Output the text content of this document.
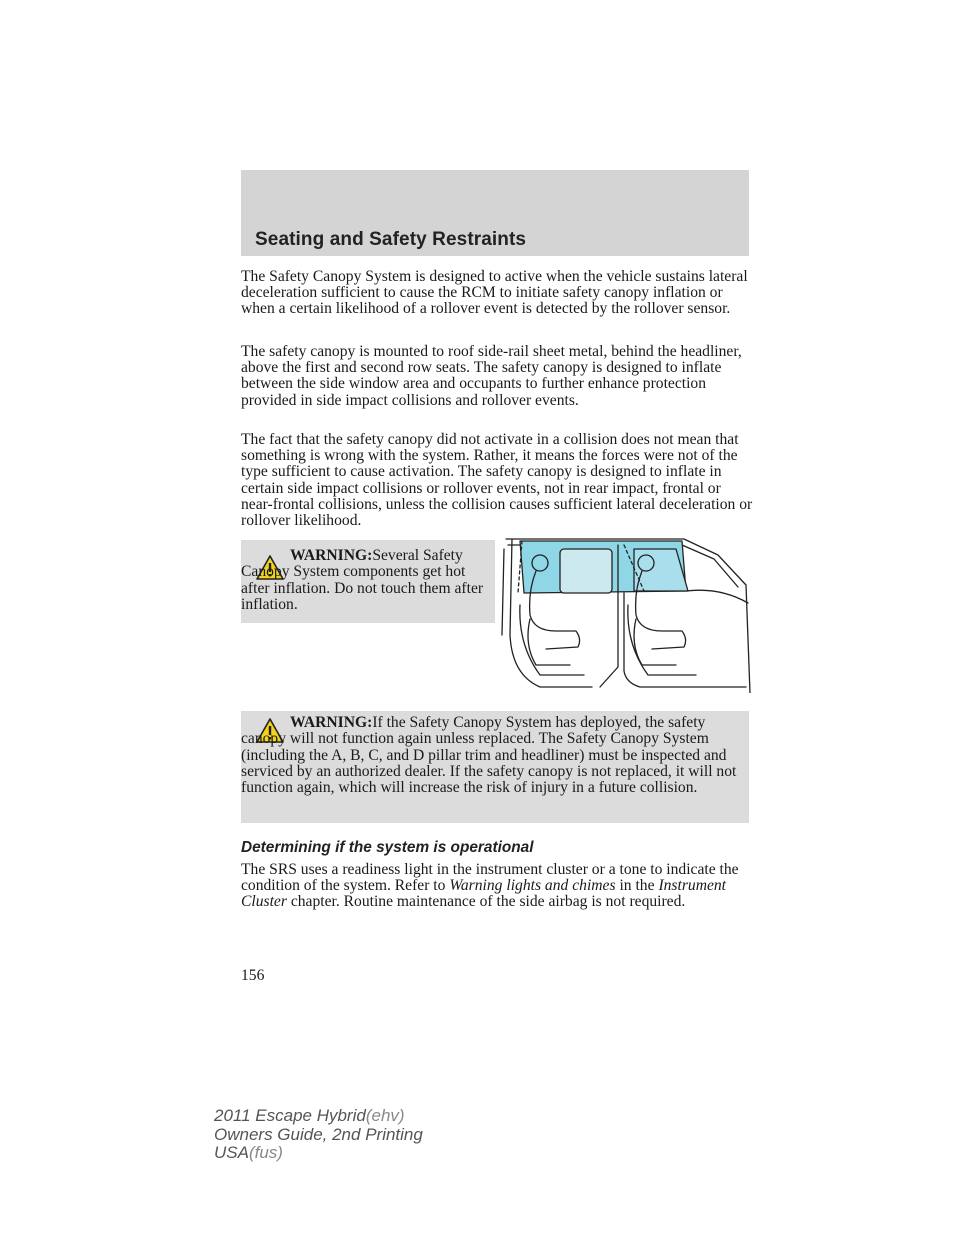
Seating and Safety Restraints

The Safety Canopy System is designed to active when the vehicle sustains lateral deceleration sufficient to cause the RCM to initiate safety canopy inflation or when a certain likelihood of a rollover event is detected by the rollover sensor.

The safety canopy is mounted to roof side-rail sheet metal, behind the headliner, above the first and second row seats. The safety canopy is designed to inflate between the side window area and occupants to further enhance protection provided in side impact collisions and rollover events.

The fact that the safety canopy did not activate in a collision does not mean that something is wrong with the system. Rather, it means the forces were not of the type sufficient to cause activation. The safety canopy is designed to inflate in certain side impact collisions or rollover events, not in rear impact, frontal or near-frontal collisions, unless the collision causes sufficient lateral deceleration or rollover likelihood.

WARNING:Several Safety Canopy System components get hot after inflation. Do not touch them after inflation.

WARNING:If the Safety Canopy System has deployed, the safety canopy will not function again unless replaced. The Safety Canopy System (including the A, B, C, and D pillar trim and headliner) must be inspected and serviced by an authorized dealer. If the safety canopy is not replaced, it will not function again, which will increase the risk of injury in a future collision.

Determining if the system is operational

The SRS uses a readiness light in the instrument cluster or a tone to indicate the condition of the system. Refer to Warning lights and chimes in the Instrument Cluster chapter. Routine maintenance of the side airbag is not required.

156
2011 Escape Hybrid(ehv)
Owners Guide, 2nd Printing
USA(fus)
